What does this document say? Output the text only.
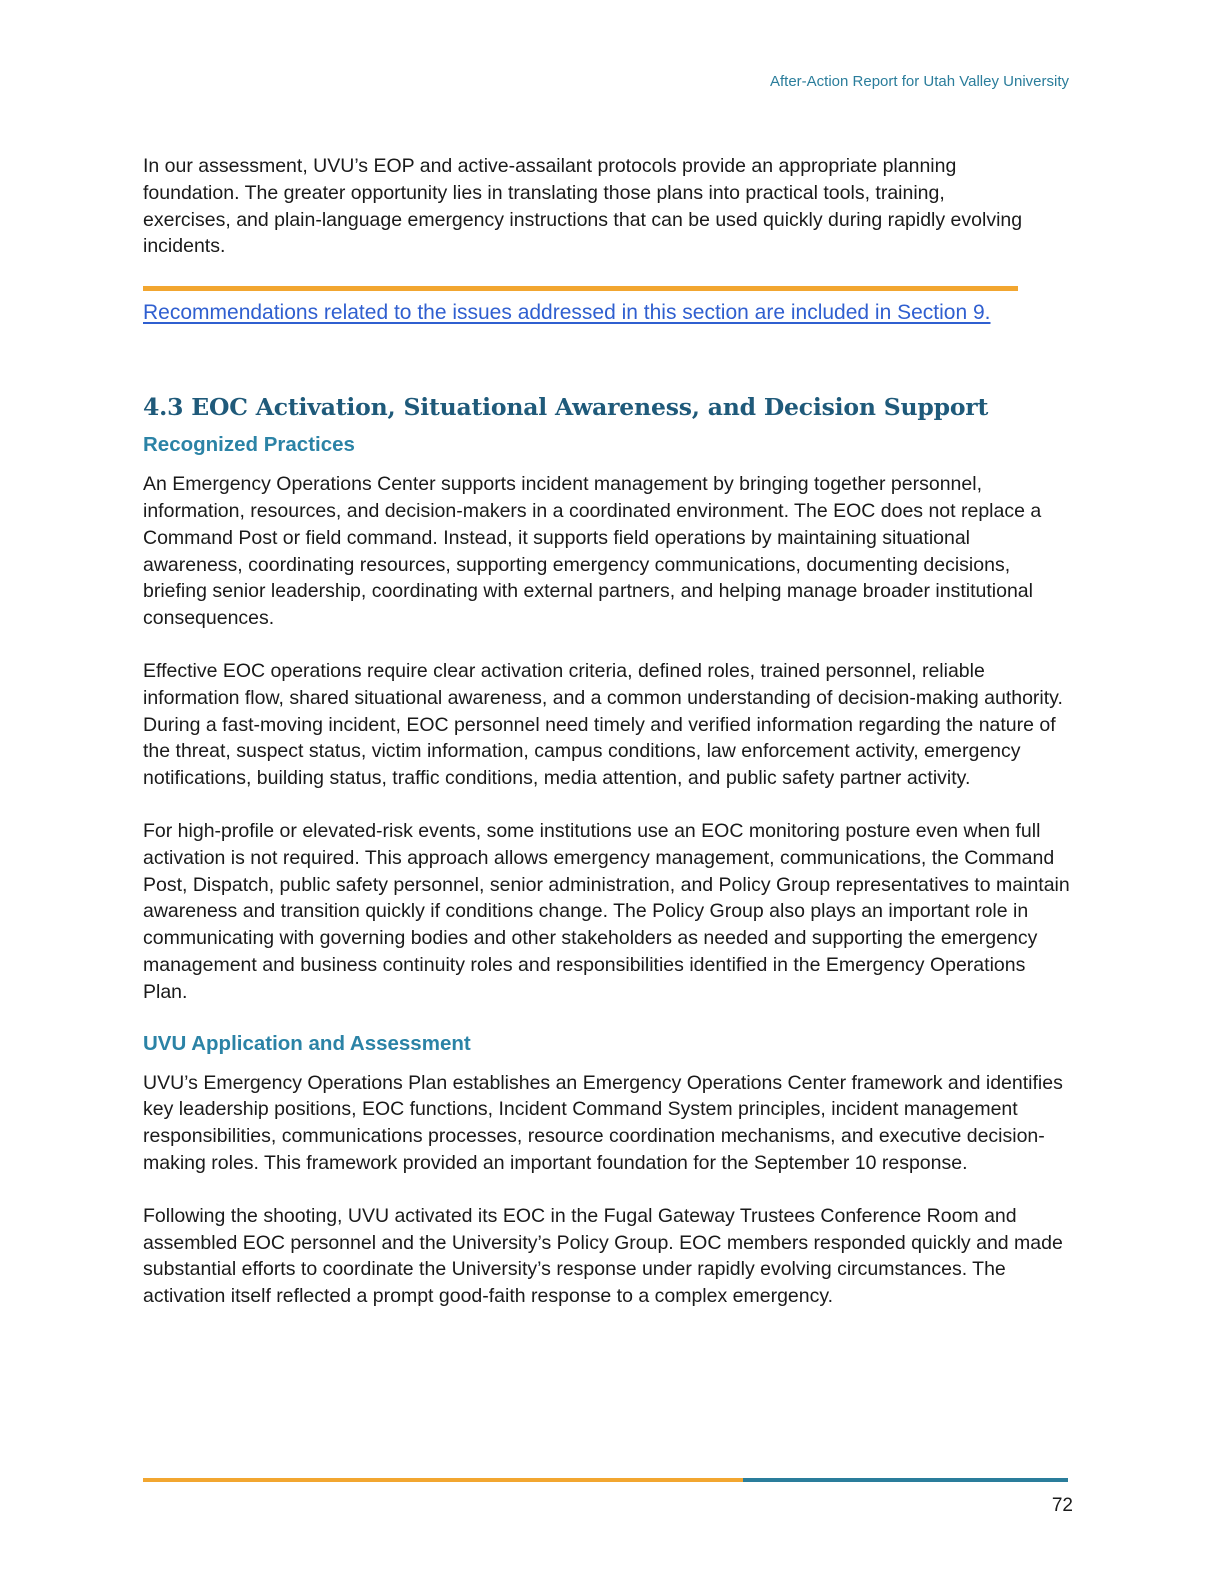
After-Action Report for Utah Valley University

In our assessment, UVU’s EOP and active-assailant protocols provide an appropriate planning foundation. The greater opportunity lies in translating those plans into practical tools, training, exercises, and plain-language emergency instructions that can be used quickly during rapidly evolving incidents.

Recommendations related to the issues addressed in this section are included in Section 9.
4.3 EOC Activation, Situational Awareness, and Decision Support
Recognized Practices

An Emergency Operations Center supports incident management by bringing together personnel, information, resources, and decision-makers in a coordinated environment. The EOC does not replace a Command Post or field command. Instead, it supports field operations by maintaining situational awareness, coordinating resources, supporting emergency communications, documenting decisions, briefing senior leadership, coordinating with external partners, and helping manage broader institutional consequences.

Effective EOC operations require clear activation criteria, defined roles, trained personnel, reliable information flow, shared situational awareness, and a common understanding of decision-making authority. During a fast-moving incident, EOC personnel need timely and verified information regarding the nature of the threat, suspect status, victim information, campus conditions, law enforcement activity, emergency notifications, building status, traffic conditions, media attention, and public safety partner activity.

For high-profile or elevated-risk events, some institutions use an EOC monitoring posture even when full activation is not required. This approach allows emergency management, communications, the Command Post, Dispatch, public safety personnel, senior administration, and Policy Group representatives to maintain awareness and transition quickly if conditions change. The Policy Group also plays an important role in communicating with governing bodies and other stakeholders as needed and supporting the emergency management and business continuity roles and responsibilities identified in the Emergency Operations Plan.

UVU Application and Assessment

UVU’s Emergency Operations Plan establishes an Emergency Operations Center framework and identifies key leadership positions, EOC functions, Incident Command System principles, incident management responsibilities, communications processes, resource coordination mechanisms, and executive decision-making roles. This framework provided an important foundation for the September 10 response.

Following the shooting, UVU activated its EOC in the Fugal Gateway Trustees Conference Room and assembled EOC personnel and the University’s Policy Group. EOC members responded quickly and made substantial efforts to coordinate the University’s response under rapidly evolving circumstances. The activation itself reflected a prompt good-faith response to a complex emergency.

72
